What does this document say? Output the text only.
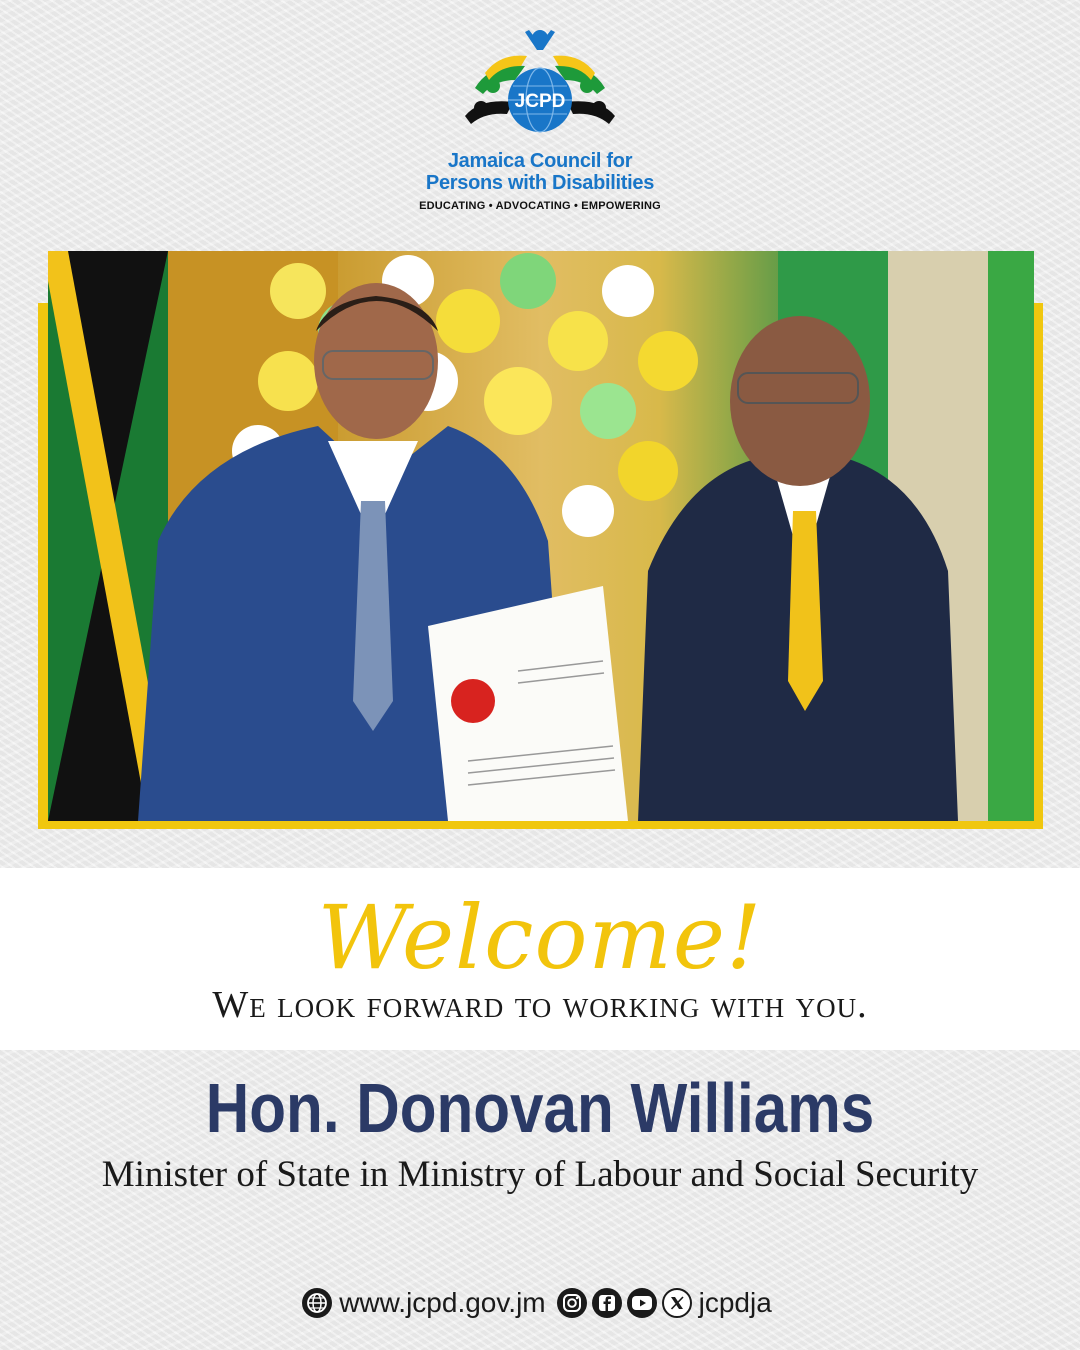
JCPD
Jamaica Council for
Persons with Disabilities
EDUCATING • ADVOCATING • EMPOWERING
Welcome!
We look forward to working with you.
Hon. Donovan Williams
Minister of State in Ministry of Labour and Social Security
www.jcpd.gov.jm	jcpdja
